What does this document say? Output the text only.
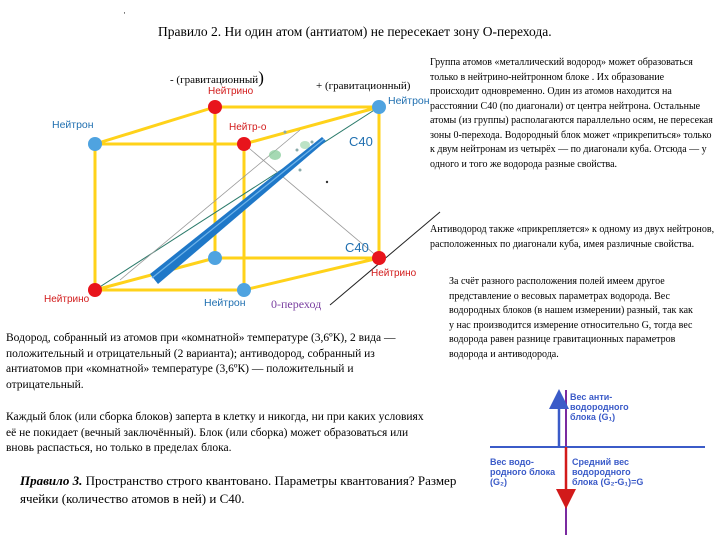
Правило 2. Ни один атом (антиатом) не пересекает зону О-перехода.
·
- (гравитационный)	+ (гравитационный)
Нейтрино
Нейтрон
Нейтрон	Нейтр-о
С40
С40
Нейтрино
Нейтрино	Нейтрон 0-переход
Группа атомов «металлический водород» может образоваться только в нейтрино-нейтронном блоке . Их образование происходит одновременно. Один из атомов находится на расстоянии С40 (по диагонали) от центра нейтрона. Остальные атомы (из группы) располагаются параллельно осям, не пересекая зоны 0-перехода. Водородный блок может «прикрепиться» только к двум нейтронам из четырёх — по диагонали куба. Отсюда — у одного и того же водорода разные свойства.
Антиводород также «прикрепляется» к одному из двух нейтронов, расположенных по диагонали куба, имея различные свойства.
За счёт разного расположения полей имеем другое представление о весовых параметрах водорода. Вес водородных блоков (в нашем измерении) разный, так как у нас производится измерение относительно G, тогда вес водорода равен разнице гравитационных параметров водорода и антиводорода.
Водород, собранный из атомов при «комнатной» температуре (3,6ºК), 2 вида — положительный и отрицательный (2 варианта); антиводород, собранный из антиатомов при «комнатной» температуре (3,6ºК) — положительный и отрицательный.
Каждый блок (или сборка блоков) заперта в клетку и никогда, ни при каких условиях её не покидает (вечный заключённый). Блок (или сборка) может образоваться или вновь распасться, но только в пределах блока.
Правило 3. Пространство строго квантовано. Параметры квантования? Размер ячейки (количество атомов в ней) и С40.
Вес анти-водородного блока (G₁)
Вес водо-родного блока (G₂)
Средний вес водородного блока (G₂-G₁)=G
